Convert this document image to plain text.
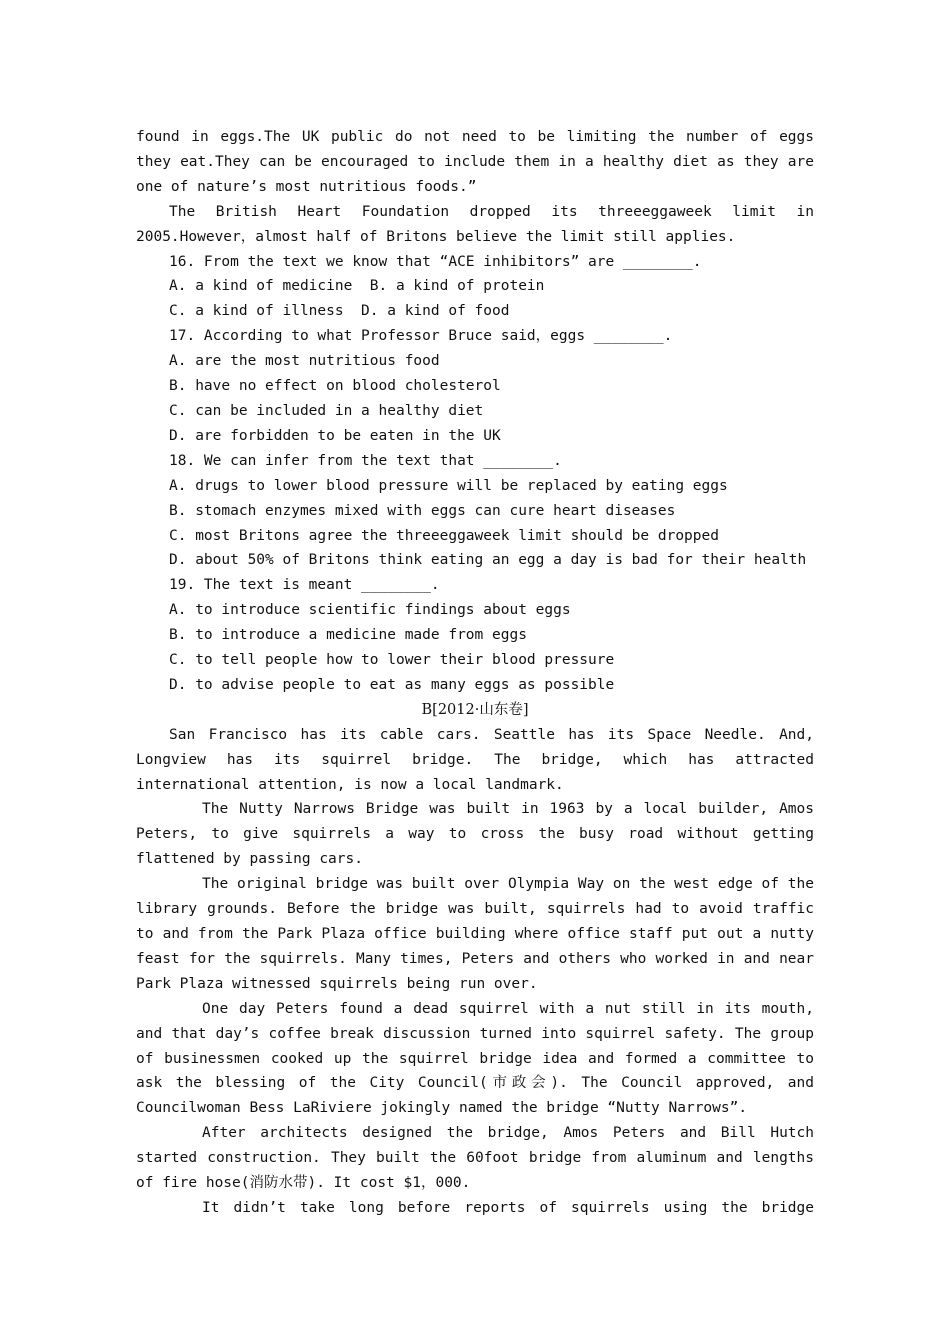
found in eggs.The UK public do not need to be limiting the number of eggs they eat.They can be encouraged to include them in a healthy diet as they are one of nature’s most nutritious foods.”

The British Heart Foundation dropped its threeeggaweek limit in 2005.However，almost half of Britons believe the limit still applies.

16. From the text we know that “ACE inhibitors” are ________.

A. a kind of medicine  B. a kind of protein

C. a kind of illness  D. a kind of food

17. According to what Professor Bruce said，eggs ________.

A. are the most nutritious food

B. have no effect on blood cholesterol

C. can be included in a healthy diet

D. are forbidden to be eaten in the UK

18. We can infer from the text that ________.

A. drugs to lower blood pressure will be replaced by eating eggs

B. stomach enzymes mixed with eggs can cure heart diseases

C. most Britons agree the threeeggaweek limit should be dropped

D. about 50% of Britons think eating an egg a day is bad for their health

19. The text is meant ________.

A. to introduce scientific findings about eggs

B. to introduce a medicine made from eggs

C. to tell people how to lower their blood pressure

D. to advise people to eat as many eggs as possible

B[2012·山东卷]

San Francisco has its cable cars. Seattle has its Space Needle. And, Longview has its squirrel bridge. The bridge, which has attracted international attention, is now a local landmark.

The Nutty Narrows Bridge was built in 1963 by a local builder, Amos Peters, to give squirrels a way to cross the busy road without getting flattened by passing cars.

The original bridge was built over Olympia Way on the west edge of the library grounds. Before the bridge was built, squirrels had to avoid traffic to and from the Park Plaza office building where office staff put out a nutty feast for the squirrels. Many times, Peters and others who worked in and near Park Plaza witnessed squirrels being run over.

One day Peters found a dead squirrel with a nut still in its mouth, and that day’s coffee break discussion turned into squirrel safety. The group of businessmen cooked up the squirrel bridge idea and formed a committee to ask the blessing of the City Council(市政会). The Council approved, and Councilwoman Bess LaRiviere jokingly named the bridge “Nutty Narrows”.

After architects designed the bridge, Amos Peters and Bill Hutch started construction. They built the 60foot bridge from aluminum and lengths of fire hose(消防水带). It cost $1，000.

It didn’t take long before reports of squirrels using the bridge
